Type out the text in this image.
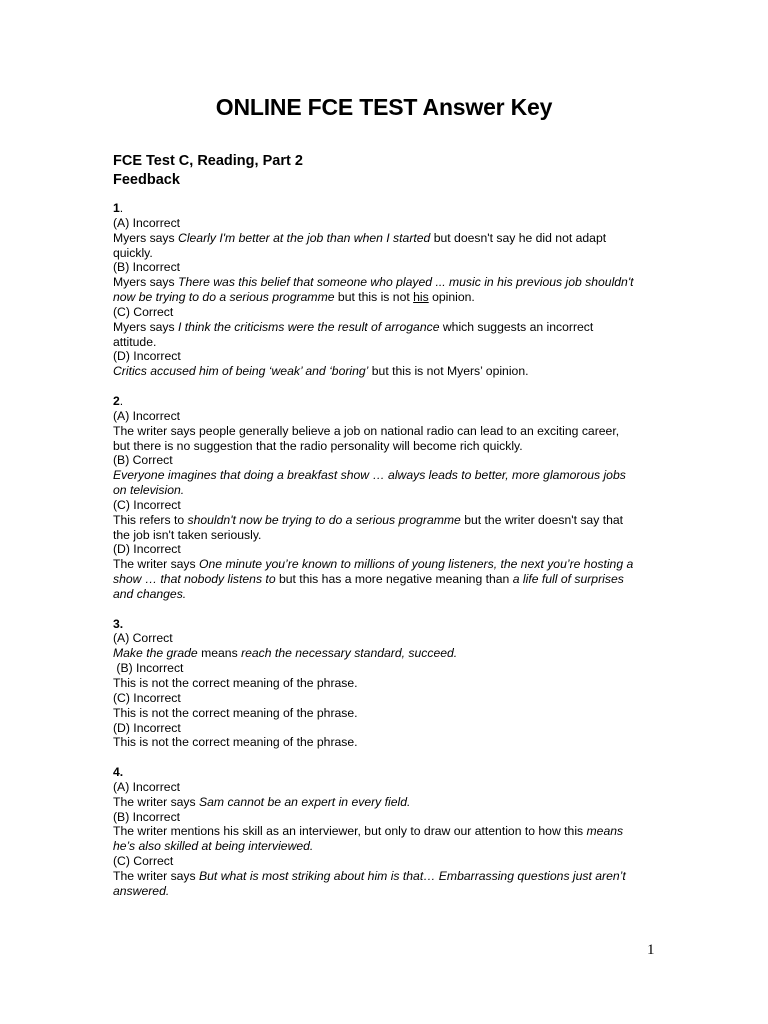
ONLINE FCE TEST Answer Key
FCE Test C, Reading, Part 2
Feedback
1.
(A) Incorrect
Myers says Clearly I'm better at the job than when I started but doesn't say he did not adapt
quickly.
(B) Incorrect
Myers says There was this belief that someone who played ... music in his previous job shouldn't
now be trying to do a serious programme but this is not his opinion.
(C) Correct
Myers says I think the criticisms were the result of arrogance which suggests an incorrect
attitude.
(D) Incorrect
Critics accused him of being ‘weak’ and ‘boring’ but this is not Myers’ opinion.
2.
(A) Incorrect
The writer says people generally believe a job on national radio can lead to an exciting career,
but there is no suggestion that the radio personality will become rich quickly.
(B) Correct
Everyone imagines that doing a breakfast show … always leads to better, more glamorous jobs
on television.
(C) Incorrect
This refers to shouldn't now be trying to do a serious programme but the writer doesn't say that
the job isn't taken seriously.
(D) Incorrect
The writer says One minute you’re known to millions of young listeners, the next you’re hosting a
show … that nobody listens to but this has a more negative meaning than a life full of surprises
and changes.
3.
(A) Correct
Make the grade means reach the necessary standard, succeed.
(B) Incorrect
This is not the correct meaning of the phrase.
(C) Incorrect
This is not the correct meaning of the phrase.
(D) Incorrect
This is not the correct meaning of the phrase.
4.
(A) Incorrect
The writer says Sam cannot be an expert in every field.
(B) Incorrect
The writer mentions his skill as an interviewer, but only to draw our attention to how this means
he’s also skilled at being interviewed.
(C) Correct
The writer says But what is most striking about him is that… Embarrassing questions just aren’t
answered.
1
